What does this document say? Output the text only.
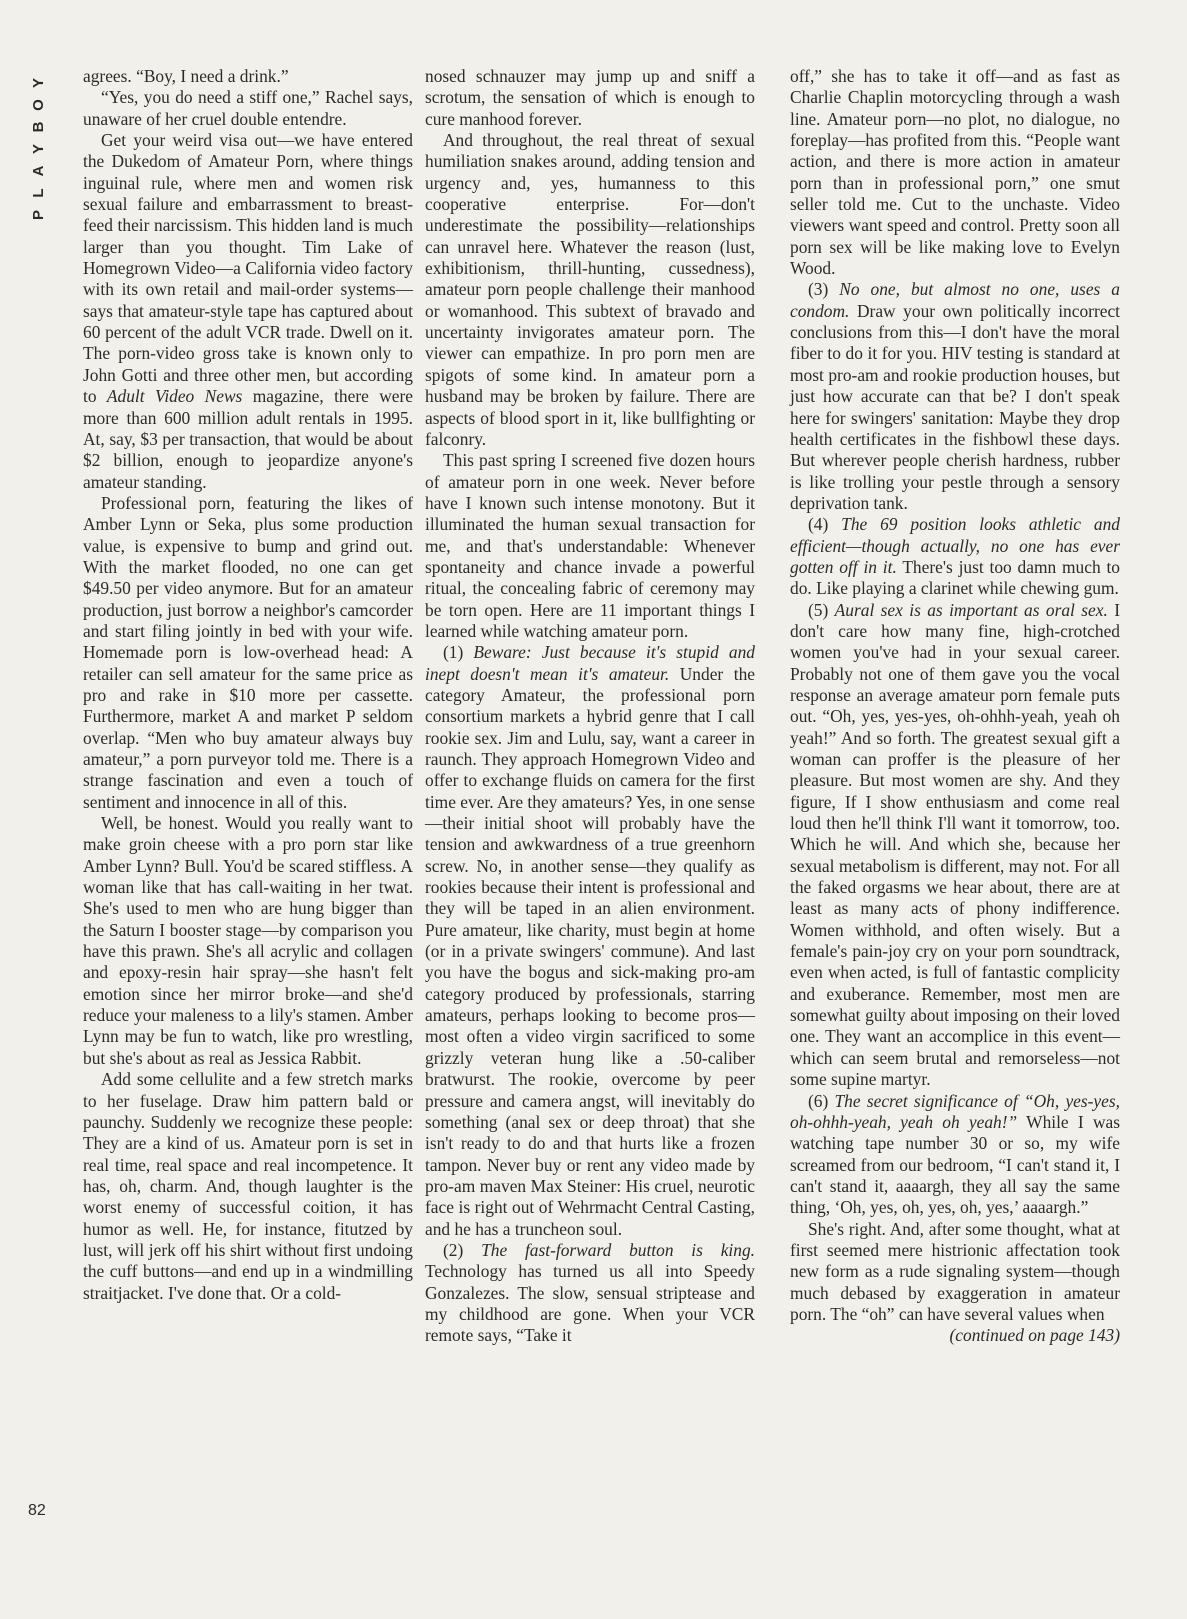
Y
O
B
Y
A
L
P

agrees. “Boy, I need a drink.”

“Yes, you do need a stiff one,” Rachel says, unaware of her cruel double entendre.

Get your weird visa out—we have entered the Dukedom of Amateur Porn, where things inguinal rule, where men and women risk sexual failure and embarrassment to breast-feed their narcissism. This hidden land is much larger than you thought. Tim Lake of Homegrown Video—a California video factory with its own retail and mail-order systems—says that amateur-style tape has captured about 60 percent of the adult VCR trade. Dwell on it. The porn-video gross take is known only to John Gotti and three other men, but according to Adult Video News magazine, there were more than 600 million adult rentals in 1995. At, say, $3 per transaction, that would be about $2 billion, enough to jeopardize anyone's amateur standing.

Professional porn, featuring the likes of Amber Lynn or Seka, plus some production value, is expensive to bump and grind out. With the market flooded, no one can get $49.50 per video anymore. But for an amateur production, just borrow a neighbor's camcorder and start filing jointly in bed with your wife. Homemade porn is low-overhead head: A retailer can sell amateur for the same price as pro and rake in $10 more per cassette. Furthermore, market A and market P seldom overlap. “Men who buy amateur always buy amateur,” a porn purveyor told me. There is a strange fascination and even a touch of sentiment and innocence in all of this.

Well, be honest. Would you really want to make groin cheese with a pro porn star like Amber Lynn? Bull. You'd be scared stiffless. A woman like that has call-waiting in her twat. She's used to men who are hung bigger than the Saturn I booster stage—by comparison you have this prawn. She's all acrylic and collagen and epoxy-resin hair spray—she hasn't felt emotion since her mirror broke—and she'd reduce your maleness to a lily's stamen. Amber Lynn may be fun to watch, like pro wrestling, but she's about as real as Jessica Rabbit.

Add some cellulite and a few stretch marks to her fuselage. Draw him pattern bald or paunchy. Suddenly we recognize these people: They are a kind of us. Amateur porn is set in real time, real space and real incompetence. It has, oh, charm. And, though laughter is the worst enemy of successful coition, it has humor as well. He, for instance, fitutzed by lust, will jerk off his shirt without first undoing the cuff buttons—and end up in a windmilling straitjacket. I've done that. Or a cold-

nosed schnauzer may jump up and sniff a scrotum, the sensation of which is enough to cure manhood forever.

And throughout, the real threat of sexual humiliation snakes around, adding tension and urgency and, yes, humanness to this cooperative enterprise. For—don't underestimate the possibility—relationships can unravel here. Whatever the reason (lust, exhibitionism, thrill-hunting, cussedness), amateur porn people challenge their manhood or womanhood. This subtext of bravado and uncertainty invigorates amateur porn. The viewer can empathize. In pro porn men are spigots of some kind. In amateur porn a husband may be broken by failure. There are aspects of blood sport in it, like bullfighting or falconry.

This past spring I screened five dozen hours of amateur porn in one week. Never before have I known such intense monotony. But it illuminated the human sexual transaction for me, and that's understandable: Whenever spontaneity and chance invade a powerful ritual, the concealing fabric of ceremony may be torn open. Here are 11 important things I learned while watching amateur porn.

(1) Beware: Just because it's stupid and inept doesn't mean it's amateur. Under the category Amateur, the professional porn consortium markets a hybrid genre that I call rookie sex. Jim and Lulu, say, want a career in raunch. They approach Homegrown Video and offer to exchange fluids on camera for the first time ever. Are they amateurs? Yes, in one sense—their initial shoot will probably have the tension and awkwardness of a true greenhorn screw. No, in another sense—they qualify as rookies because their intent is professional and they will be taped in an alien environment. Pure amateur, like charity, must begin at home (or in a private swingers' commune). And last you have the bogus and sick-making pro-am category produced by professionals, starring amateurs, perhaps looking to become pros—most often a video virgin sacrificed to some grizzly veteran hung like a .50-caliber bratwurst. The rookie, overcome by peer pressure and camera angst, will inevitably do something (anal sex or deep throat) that she isn't ready to do and that hurts like a frozen tampon. Never buy or rent any video made by pro-am maven Max Steiner: His cruel, neurotic face is right out of Wehrmacht Central Casting, and he has a truncheon soul.

(2) The fast-forward button is king. Technology has turned us all into Speedy Gonzalezes. The slow, sensual striptease and my childhood are gone. When your VCR remote says, “Take it

off,” she has to take it off—and as fast as Charlie Chaplin motorcycling through a wash line. Amateur porn—no plot, no dialogue, no foreplay—has profited from this. “People want action, and there is more action in amateur porn than in professional porn,” one smut seller told me. Cut to the unchaste. Video viewers want speed and control. Pretty soon all porn sex will be like making love to Evelyn Wood.

(3) No one, but almost no one, uses a condom. Draw your own politically incorrect conclusions from this—I don't have the moral fiber to do it for you. HIV testing is standard at most pro-am and rookie production houses, but just how accurate can that be? I don't speak here for swingers' sanitation: Maybe they drop health certificates in the fishbowl these days. But wherever people cherish hardness, rubber is like trolling your pestle through a sensory deprivation tank.

(4) The 69 position looks athletic and efficient—though actually, no one has ever gotten off in it. There's just too damn much to do. Like playing a clarinet while chewing gum.

(5) Aural sex is as important as oral sex. I don't care how many fine, high-crotched women you've had in your sexual career. Probably not one of them gave you the vocal response an average amateur porn female puts out. “Oh, yes, yes-yes, oh-ohhh-yeah, yeah oh yeah!” And so forth. The greatest sexual gift a woman can proffer is the pleasure of her pleasure. But most women are shy. And they figure, If I show enthusiasm and come real loud then he'll think I'll want it tomorrow, too. Which he will. And which she, because her sexual metabolism is different, may not. For all the faked orgasms we hear about, there are at least as many acts of phony indifference. Women withhold, and often wisely. But a female's pain-joy cry on your porn soundtrack, even when acted, is full of fantastic complicity and exuberance. Remember, most men are somewhat guilty about imposing on their loved one. They want an accomplice in this event—which can seem brutal and remorseless—not some supine martyr.

(6) The secret significance of “Oh, yes-yes, oh-ohhh-yeah, yeah oh yeah!” While I was watching tape number 30 or so, my wife screamed from our bedroom, “I can't stand it, I can't stand it, aaaargh, they all say the same thing, ‘Oh, yes, oh, yes, oh, yes,’ aaaargh.”

She's right. And, after some thought, what at first seemed mere histrionic affectation took new form as a rude signaling system—though much debased by exaggeration in amateur porn. The “oh” can have several values when

(continued on page 143)

82
